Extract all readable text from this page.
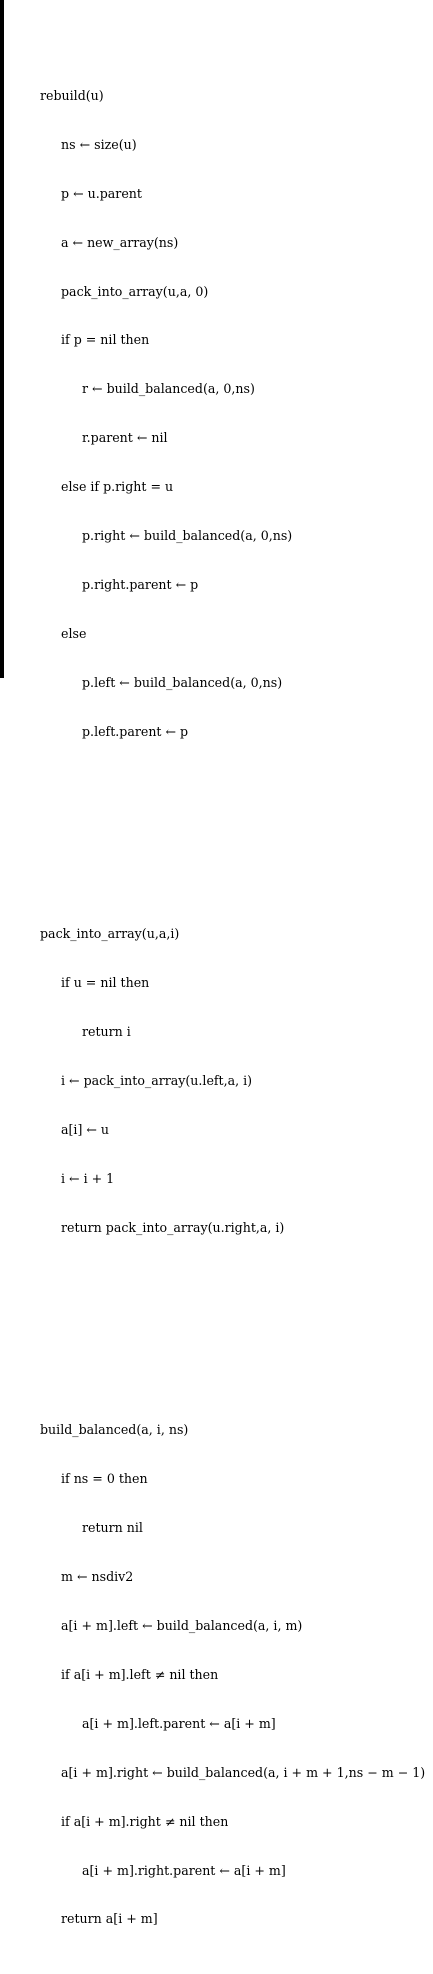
rebuild(u)

ns ← size(u)

p ← u.parent

a ← new_array(ns)

pack_into_array(u,a, 0)

if p = nil then

r ← build_balanced(a, 0,ns)

r.parent ← nil

else if p.right = u

p.right ← build_balanced(a, 0,ns)

p.right.parent ← p

else

p.left ← build_balanced(a, 0,ns)

p.left.parent ← p

pack_into_array(u,a,i)

if u = nil then

return i

i ← pack_into_array(u.left,a, i)

a[i] ← u

i ← i + 1

return pack_into_array(u.right,a, i)

build_balanced(a, i, ns)

if ns = 0 then

return nil

m ← nsdiv2

a[i + m].left ← build_balanced(a, i, m)

if a[i + m].left ≠ nil then

a[i + m].left.parent ← a[i + m]

a[i + m].right ← build_balanced(a, i + m + 1,ns − m − 1)

if a[i + m].right ≠ nil then

a[i + m].right.parent ← a[i + m]

return a[i + m]
